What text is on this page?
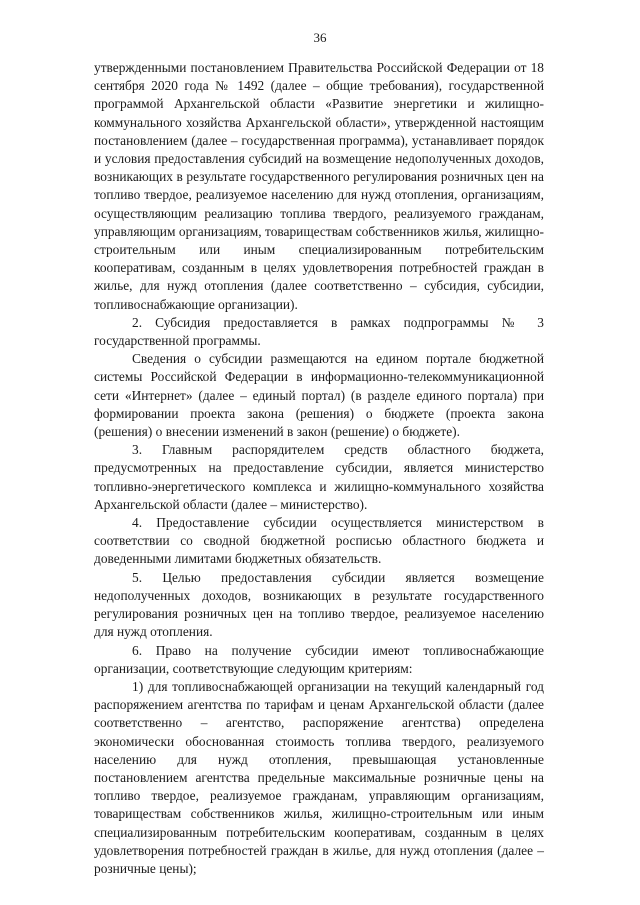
36

утвержденными постановлением Правительства Российской Федерации от 18 сентября 2020 года № 1492 (далее – общие требования), государственной программой Архангельской области «Развитие энергетики и жилищно-коммунального хозяйства Архангельской области», утвержденной настоящим постановлением (далее – государственная программа), устанавливает порядок и условия предоставления субсидий на возмещение недополученных доходов, возникающих в результате государственного регулирования розничных цен на топливо твердое, реализуемое населению для нужд отопления, организациям, осуществляющим реализацию топлива твердого, реализуемого гражданам, управляющим организациям, товариществам собственников жилья, жилищно-строительным или иным специализированным потребительским кооперативам, созданным в целях удовлетворения потребностей граждан в жилье, для нужд отопления (далее соответственно – субсидия, субсидии, топливоснабжающие организации).

2. Субсидия предоставляется в рамках подпрограммы № 3 государственной программы.

Сведения о субсидии размещаются на едином портале бюджетной системы Российской Федерации в информационно-телекоммуникационной сети «Интернет» (далее – единый портал) (в разделе единого портала) при формировании проекта закона (решения) о бюджете (проекта закона (решения) о внесении изменений в закон (решение) о бюджете).

3. Главным распорядителем средств областного бюджета, предусмотренных на предоставление субсидии, является министерство топливно-энергетического комплекса и жилищно-коммунального хозяйства Архангельской области (далее – министерство).

4. Предоставление субсидии осуществляется министерством в соответствии со сводной бюджетной росписью областного бюджета и доведенными лимитами бюджетных обязательств.

5. Целью предоставления субсидии является возмещение недополученных доходов, возникающих в результате государственного регулирования розничных цен на топливо твердое, реализуемое населению для нужд отопления.

6. Право на получение субсидии имеют топливоснабжающие организации, соответствующие следующим критериям:

1) для топливоснабжающей организации на текущий календарный год распоряжением агентства по тарифам и ценам Архангельской области (далее соответственно – агентство, распоряжение агентства) определена экономически обоснованная стоимость топлива твердого, реализуемого населению для нужд отопления, превышающая установленные постановлением агентства предельные максимальные розничные цены на топливо твердое, реализуемое гражданам, управляющим организациям, товариществам собственников жилья, жилищно-строительным или иным специализированным потребительским кооперативам, созданным в целях удовлетворения потребностей граждан в жилье, для нужд отопления (далее – розничные цены);
